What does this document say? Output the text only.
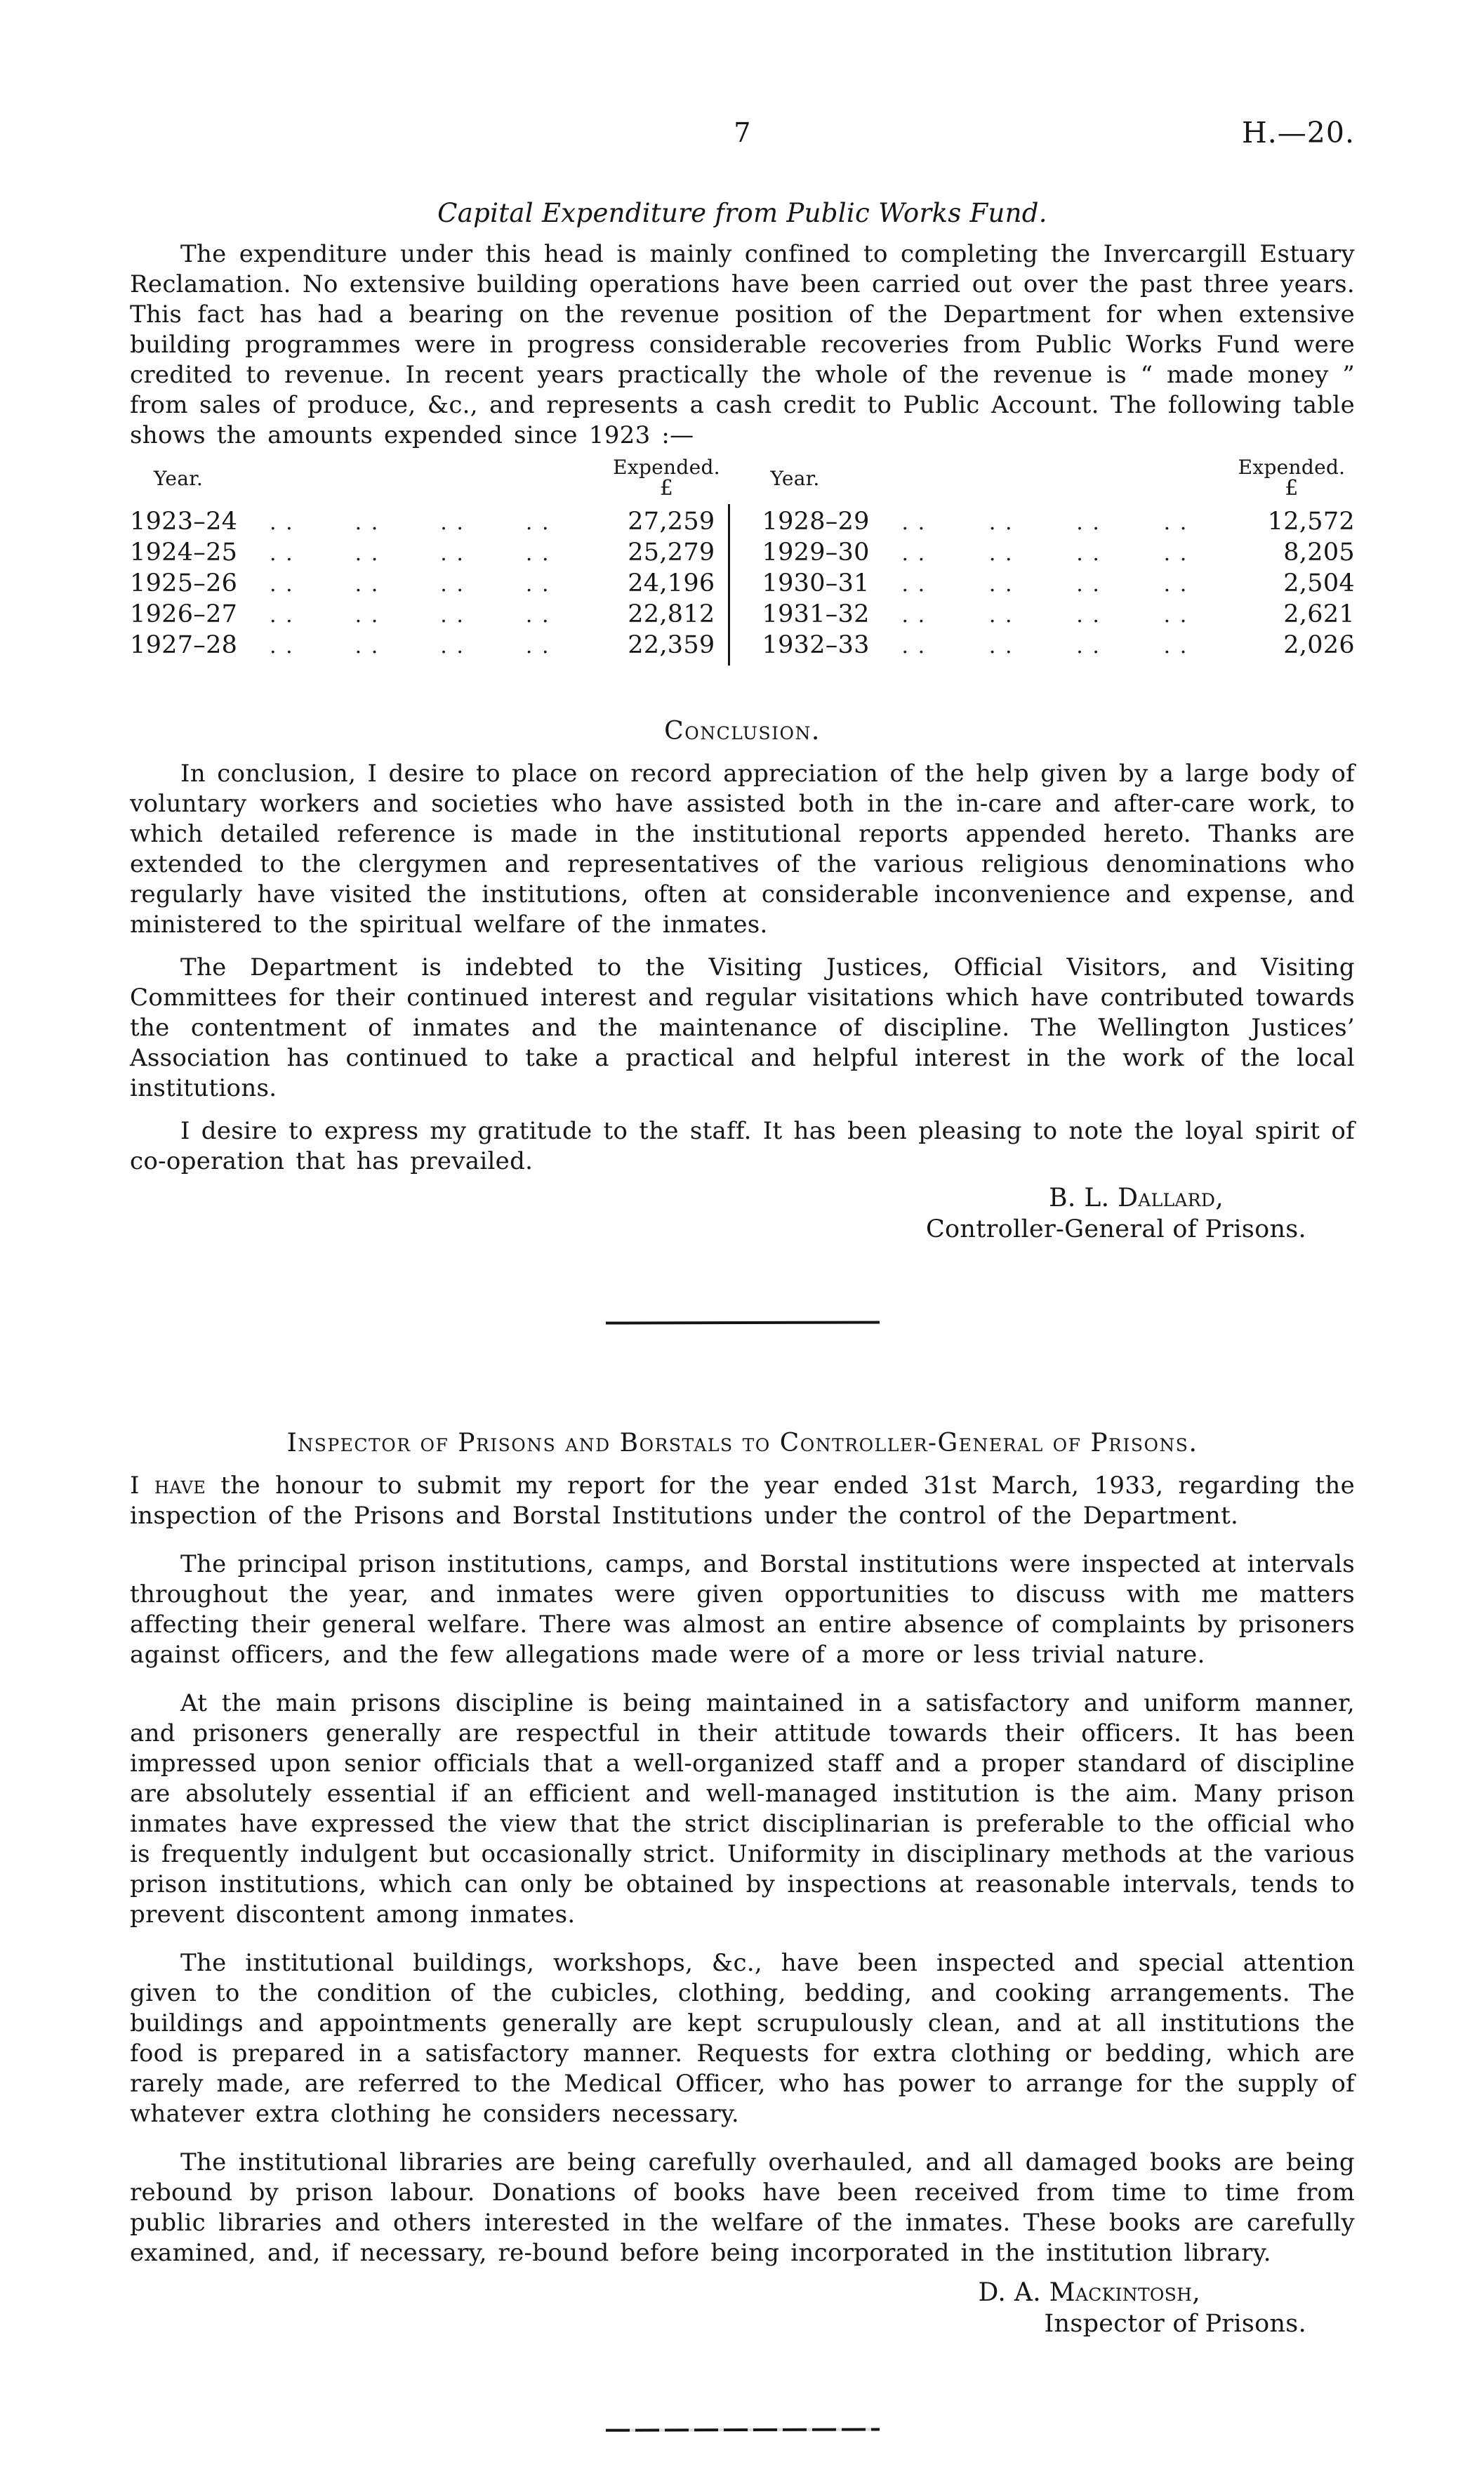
7	H.—20.
Capital Expenditure from Public Works Fund.

The expenditure under this head is mainly confined to completing the Invercargill Estuary Reclamation. No extensive building operations have been carried out over the past three years. This fact has had a bearing on the revenue position of the Department for when extensive building programmes were in progress considerable recoveries from Public Works Fund were credited to revenue. In recent years practically the whole of the revenue is “ made money ” from sales of produce, &c., and represents a cash credit to Public Account. The following table shows the amounts expended since 1923 :—

Year.	Expended.
£
1923–24 . . . . . . . .	27,259
1924–25 . . . . . . . .	25,279
1925–26 . . . . . . . .	24,196
1926–27 . . . . . . . .	22,812
1927–28 . . . . . . . .	22,359
Year.	Expended.
£
1928–29 . . . . . . . .	12,572
1929–30 . . . . . . . .	8,205
1930–31 . . . . . . . .	2,504
1931–32 . . . . . . . .	2,621
1932–33 . . . . . . . .	2,026
Conclusion.

In conclusion, I desire to place on record appreciation of the help given by a large body of voluntary workers and societies who have assisted both in the in-care and after-care work, to which detailed reference is made in the institutional reports appended hereto. Thanks are extended to the clergymen and representatives of the various religious denominations who regularly have visited the institutions, often at considerable inconvenience and expense, and ministered to the spiritual welfare of the inmates.

The Department is indebted to the Visiting Justices, Official Visitors, and Visiting Committees for their continued interest and regular visitations which have contributed towards the contentment of inmates and the maintenance of discipline. The Wellington Justices’ Association has continued to take a practical and helpful interest in the work of the local institutions.

I desire to express my gratitude to the staff. It has been pleasing to note the loyal spirit of co-operation that has prevailed.

B. L. Dallard,
Controller-General of Prisons.
Inspector of Prisons and Borstals to Controller-General of Prisons.

I have the honour to submit my report for the year ended 31st March, 1933, regarding the inspection of the Prisons and Borstal Institutions under the control of the Department.

The principal prison institutions, camps, and Borstal institutions were inspected at intervals throughout the year, and inmates were given opportunities to discuss with me matters affecting their general welfare. There was almost an entire absence of complaints by prisoners against officers, and the few allegations made were of a more or less trivial nature.

At the main prisons discipline is being maintained in a satisfactory and uniform manner, and prisoners generally are respectful in their attitude towards their officers. It has been impressed upon senior officials that a well-organized staff and a proper standard of discipline are absolutely essential if an efficient and well-managed institution is the aim. Many prison inmates have expressed the view that the strict disciplinarian is preferable to the official who is frequently indulgent but occasionally strict. Uniformity in disciplinary methods at the various prison institutions, which can only be obtained by inspections at reasonable intervals, tends to prevent discontent among inmates.

The institutional buildings, workshops, &c., have been inspected and special attention given to the condition of the cubicles, clothing, bedding, and cooking arrangements. The buildings and appointments generally are kept scrupulously clean, and at all institutions the food is prepared in a satisfactory manner. Requests for extra clothing or bedding, which are rarely made, are referred to the Medical Officer, who has power to arrange for the supply of whatever extra clothing he considers necessary.

The institutional libraries are being carefully overhauled, and all damaged books are being rebound by prison labour. Donations of books have been received from time to time from public libraries and others interested in the welfare of the inmates. These books are carefully examined, and, if necessary, re-bound before being incorporated in the institution library.

D. A. Mackintosh,
Inspector of Prisons.
